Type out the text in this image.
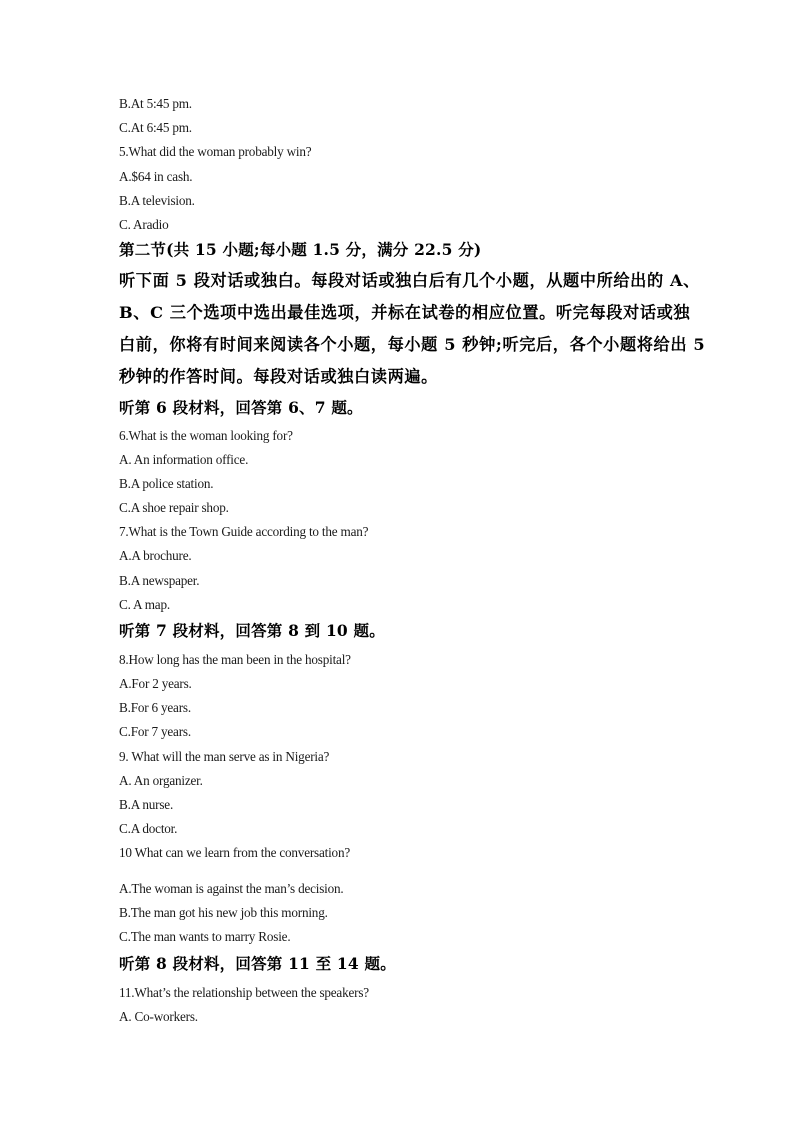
B.At 5:45 pm.
C.At 6:45 pm.
5.What did the woman probably win?
A.$64 in cash.
B.A television.
C. Aradio
第二节(共 15 小题;每小题 1.5 分，满分 22.5 分)
听下面 5 段对话或独白。每段对话或独白后有几个小题，从题中所给出的 A、
B、C 三个选项中选出最佳选项，并标在试卷的相应位置。听完每段对话或独
白前，你将有时间来阅读各个小题，每小题 5 秒钟;听完后，各个小题将给出 5
秒钟的作答时间。每段对话或独白读两遍。
听第 6 段材料，回答第 6、7 题。
6.What is the woman looking for?
A. An information office.
B.A police station.
C.A shoe repair shop.
7.What is the Town Guide according to the man?
A.A brochure.
B.A newspaper.
C. A map.
听第 7 段材料，回答第 8 到 10 题。
8.How long has the man been in the hospital?
A.For 2 years.
B.For 6 years.
C.For 7 years.
9. What will the man serve as in Nigeria?
A. An organizer.
B.A nurse.
C.A doctor.
10 What can we learn from the conversation?
A.The woman is against the man’s decision.
B.The man got his new job this morning.
C.The man wants to marry Rosie.
听第 8 段材料，回答第 11 至 14 题。
11.What’s the relationship between the speakers?
A. Co-workers.
